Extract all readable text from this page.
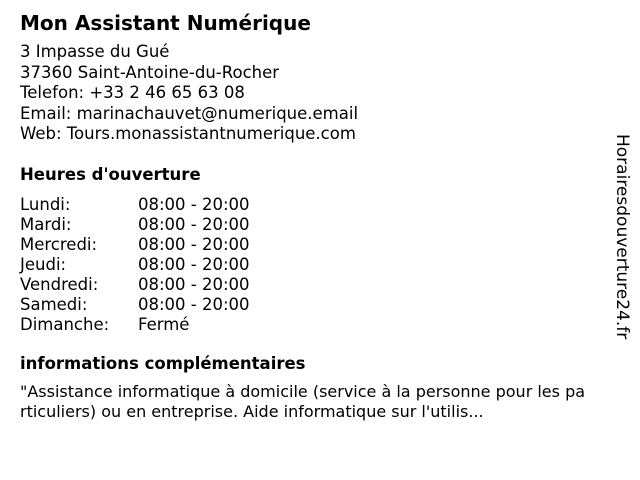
Mon Assistant Numérique
3 Impasse du Gué
37360 Saint-Antoine-du-Rocher
Telefon: +33 2 46 65 63 08
Email: marinachauvet@numerique.email
Web: Tours.monassistantnumerique.com
Heures d'ouverture
Lundi:	08:00 - 20:00
Mardi:	08:00 - 20:00
Mercredi:	08:00 - 20:00
Jeudi:	08:00 - 20:00
Vendredi:	08:00 - 20:00
Samedi:	08:00 - 20:00
Dimanche:	Fermé
informations complémentaires
"Assistance informatique à domicile (service à la personne pour les particuliers) ou en entreprise. Aide informatique sur l'utilis...
Horairesdouverture24.fr
